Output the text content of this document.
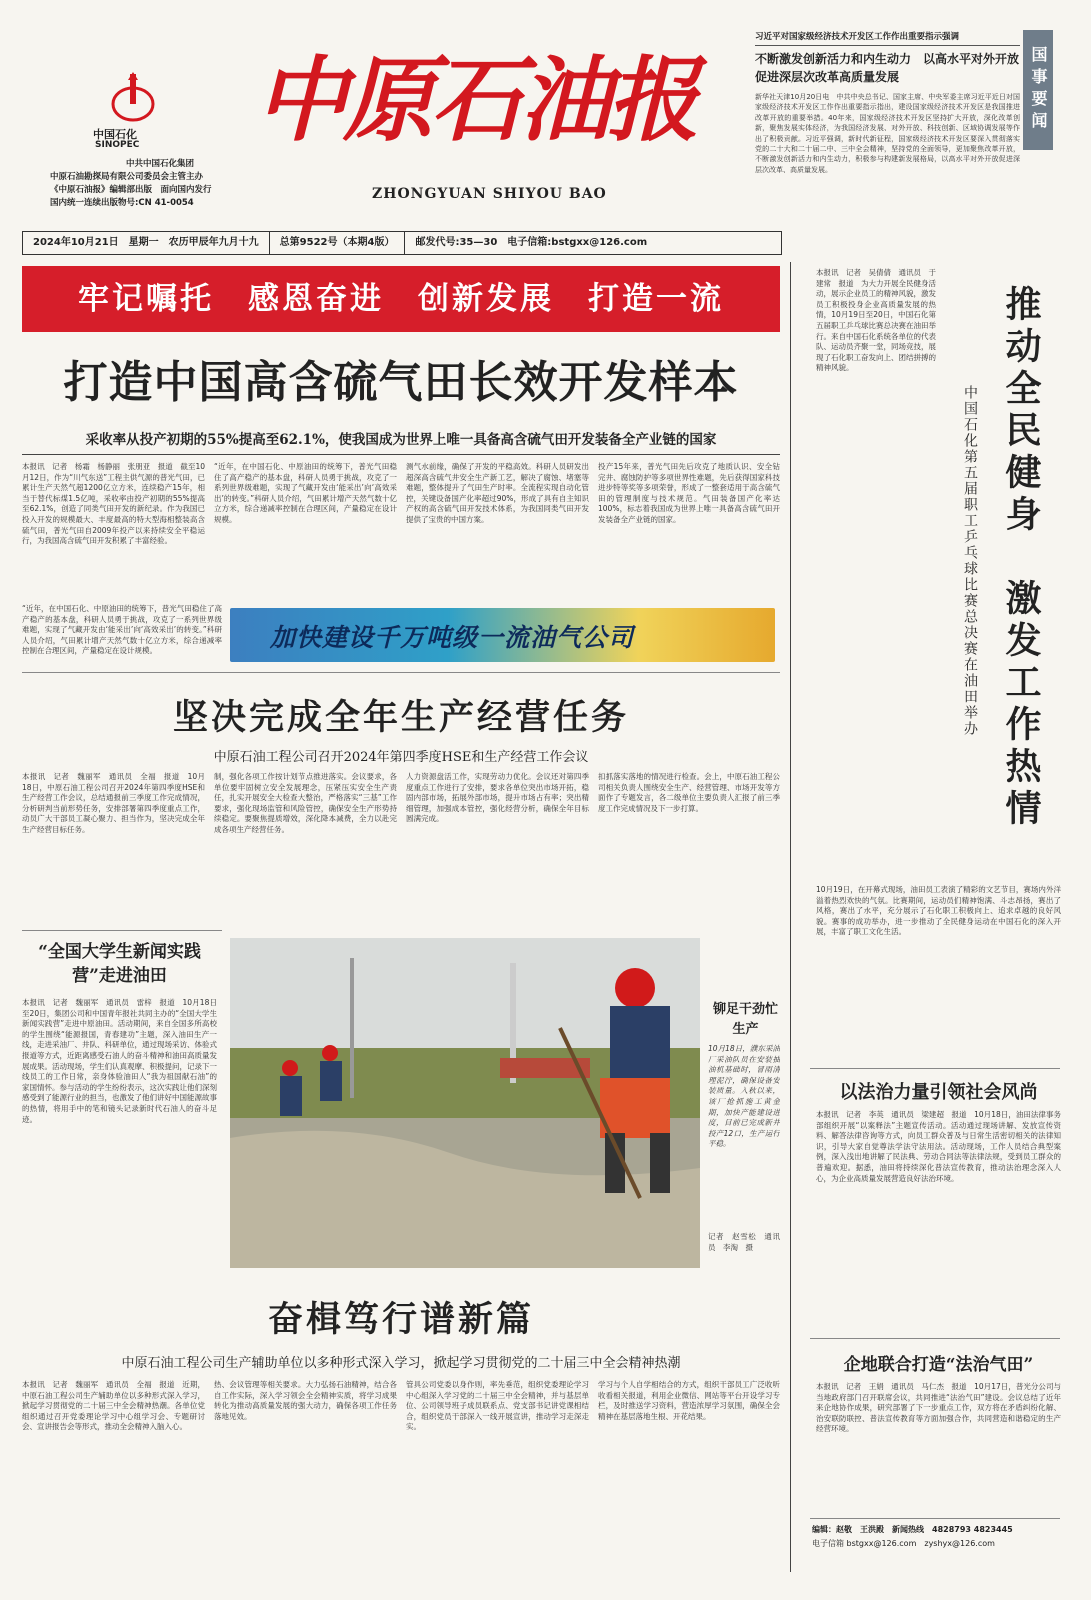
中国石化
SINOPEC
中共中国石化集团
中原石油勘探局有限公司委员会主管主办
《中原石油报》编辑部出版　面向国内发行
国内统一连续出版物号:CN 41-0054
中原石油报
ZHONGYUAN SHIYOU BAO
习近平对国家级经济技术开发区工作作出重要指示强调
不断激发创新活力和内生动力　以高水平对外开放促进深层次改革高质量发展
新华社天津10月20日电　中共中央总书记、国家主席、中央军委主席习近平近日对国家级经济技术开发区工作作出重要指示指出，建设国家级经济技术开发区是我国推进改革开放的重要举措。40年来，国家级经济技术开发区坚持扩大开放，深化改革创新，聚焦发展实体经济，为我国经济发展、对外开放、科技创新、区域协调发展等作出了积极贡献。习近平强调，新时代新征程，国家级经济技术开发区要深入贯彻落实党的二十大和二十届二中、三中全会精神，坚持党的全面领导，更加聚焦改革开放，不断激发创新活力和内生动力，积极参与构建新发展格局，以高水平对外开放促进深层次改革、高质量发展。
国事要闻
2024年10月21日　星期一　农历甲辰年九月十九	总第9522号（本期4版）	邮发代号:35—30　电子信箱:bstgxx@126.com
牢记嘱托　感恩奋进　创新发展　打造一流
打造中国高含硫气田长效开发样本
采收率从投产初期的55%提高至62.1%，使我国成为世界上唯一具备高含硫气田开发装备全产业链的国家
本报讯　记者　杨霜　杨静丽　张朋亚　报道　截至10月12日，作为“川气东送”工程主供气源的普光气田，已累计生产天然气超1200亿立方米，连续稳产15年，相当于替代标煤1.5亿吨，采收率由投产初期的55%提高至62.1%，创造了同类气田开发的新纪录。作为我国已投入开发的规模最大、丰度最高的特大型海相整装高含硫气田，普光气田自2009年投产以来持续安全平稳运行，为我国高含硫气田开发积累了丰富经验。
“近年，在中国石化、中原油田的统筹下，普光气田稳住了高产稳产的基本盘，科研人员勇于挑战，攻克了一系列世界级难题，实现了气藏开发由‘能采出’向‘高效采出’的转变。”科研人员介绍，气田累计增产天然气数十亿立方米，综合递减率控制在合理区间，产量稳定在设计规模。
测气水前缘，确保了开发的平稳高效。科研人员研发出超深高含硫气井安全生产新工艺，解决了腐蚀、堵塞等难题，整体提升了气田生产时率。全流程实现自动化管控，关键设备国产化率超过90%，形成了具有自主知识产权的高含硫气田开发技术体系，为我国同类气田开发提供了宝贵的中国方案。
投产15年来，普光气田先后攻克了地质认识、安全钻完井、腐蚀防护等多项世界性难题，先后获得国家科技进步特等奖等多项荣誉，形成了一整套适用于高含硫气田的管理制度与技术规范。气田装备国产化率达100%，标志着我国成为世界上唯一具备高含硫气田开发装备全产业链的国家。
“近年，在中国石化、中原油田的统筹下，普光气田稳住了高产稳产的基本盘，科研人员勇于挑战，攻克了一系列世界级难题，实现了气藏开发由‘能采出’向‘高效采出’的转变。”科研人员介绍，气田累计增产天然气数十亿立方米，综合递减率控制在合理区间，产量稳定在设计规模。	加快建设千万吨级一流油气公司
坚决完成全年生产经营任务
中原石油工程公司召开2024年第四季度HSE和生产经营工作会议
本报讯　记者　魏丽军　通讯员　全福　报道　10月18日，中原石油工程公司召开2024年第四季度HSE和生产经营工作会议，总结通报前三季度工作完成情况，分析研判当前形势任务，安排部署第四季度重点工作，动员广大干部员工凝心聚力、担当作为，坚决完成全年生产经营目标任务。
制，强化各项工作按计划节点推进落实。会议要求，各单位要牢固树立安全发展理念，压紧压实安全生产责任，扎实开展安全大检查大整治，严格落实“三基”工作要求，强化现场监管和风险管控，确保安全生产形势持续稳定。要聚焦提质增效，深化降本减费，全力以赴完成各项生产经营任务。
人力资源盘活工作，实现劳动力优化。会议还对第四季度重点工作进行了安排，要求各单位突出市场开拓，稳固内部市场，拓展外部市场，提升市场占有率；突出精细管理，加强成本管控，强化经营分析，确保全年目标圆满完成。
扣抓落实落地的情况进行检查。会上，中原石油工程公司相关负责人围绕安全生产、经营管理、市场开发等方面作了专题发言，各二级单位主要负责人汇报了前三季度工作完成情况及下一步打算。
“全国大学生新闻实践营”走进油田
本报讯　记者　魏丽军　通讯员　雷梓　报道　10月18日至20日，集团公司和中国青年报社共同主办的“全国大学生新闻实践营”走进中原油田。活动期间，来自全国多所高校的学生围绕“能源报国，青春建功”主题，深入油田生产一线，走进采油厂、井队、科研单位，通过现场采访、体验式报道等方式，近距离感受石油人的奋斗精神和油田高质量发展成果。活动现场，学生们认真观摩、积极提问，记录下一线员工的工作日常，亲身体验油田人“我为祖国献石油”的家国情怀。参与活动的学生纷纷表示，这次实践让他们深刻感受到了能源行业的担当，也激发了他们讲好中国能源故事的热情，将用手中的笔和镜头记录新时代石油人的奋斗足迹。
铆足干劲忙生产
10月18日，濮东采油厂采油队员在安装抽油机基础时，冒雨清理泥泞，确保设备安装质量。入秋以来，该厂抢抓施工黄金期，加快产能建设进度，目前已完成新井投产12口，生产运行平稳。
记者　赵雪松　通讯员　李淘　摄
奋楫笃行谱新篇
中原石油工程公司生产辅助单位以多种形式深入学习，掀起学习贯彻党的二十届三中全会精神热潮
本报讯　记者　魏丽军　通讯员　全福　报道　近期，中原石油工程公司生产辅助单位以多种形式深入学习，掀起学习贯彻党的二十届三中全会精神热潮。各单位党组织通过召开党委理论学习中心组学习会、专题研讨会、宣讲报告会等形式，推动全会精神入脑入心。
热、会议管理等相关要求。大力弘扬石油精神，结合各自工作实际，深入学习领会全会精神实质，将学习成果转化为推动高质量发展的强大动力，确保各项工作任务落地见效。
管具公司党委以身作则，率先垂范，组织党委理论学习中心组深入学习党的二十届三中全会精神，并与基层单位、公司领导班子成员联系点、党支部书记讲党课相结合，组织党员干部深入一线开展宣讲，推动学习走深走实。
学习与个人自学相结合的方式，组织干部员工广泛收听收看相关报道，利用企业微信、网站等平台开设学习专栏，及时推送学习资料，营造浓厚学习氛围，确保全会精神在基层落地生根、开花结果。
本报讯　记者　吴倩倩　通讯员　于建常　报道　为大力开展全民健身活动，展示企业员工的精神风貌，激发员工积极投身企业高质量发展的热情，10月19日至20日，中国石化第五届职工乒乓球比赛总决赛在油田举行。来自中国石化系统各单位的代表队、运动员齐聚一堂，同场竞技，展现了石化职工奋发向上、团结拼搏的精神风貌。	推动全民健身　激发工作热情
中国石化第五届职工乒乓球比赛总决赛在油田举办
10月19日，在开幕式现场，油田员工表演了精彩的文艺节目，赛场内外洋溢着热烈欢快的气氛。比赛期间，运动员们精神饱满、斗志昂扬，赛出了风格，赛出了水平，充分展示了石化职工积极向上、追求卓越的良好风貌。赛事的成功举办，进一步推动了全民健身运动在中国石化的深入开展，丰富了职工文化生活。
以法治力量引领社会风尚
本报讯　记者　李英　通讯员　梁建超　报道　10月18日，油田法律事务部组织开展“以案释法”主题宣传活动。活动通过现场讲解、发放宣传资料、解答法律咨询等方式，向员工群众普及与日常生活密切相关的法律知识，引导大家自觉尊法学法守法用法。活动现场，工作人员结合典型案例，深入浅出地讲解了民法典、劳动合同法等法律法规，受到员工群众的普遍欢迎。据悉，油田将持续深化普法宣传教育，推动法治理念深入人心，为企业高质量发展营造良好法治环境。
企地联合打造“法治气田”
本报讯　记者　王娟　通讯员　马仁杰　报道　10月17日，普光分公司与当地政府部门召开联席会议，共同推进“法治气田”建设。会议总结了近年来企地协作成果，研究部署了下一步重点工作，双方将在矛盾纠纷化解、治安联防联控、普法宣传教育等方面加强合作，共同营造和谐稳定的生产经营环境。
编辑：赵敬　王洪殿　新闻热线　4828793 4823445
电子信箱 bstgxx@126.com　zyshyx@126.com
